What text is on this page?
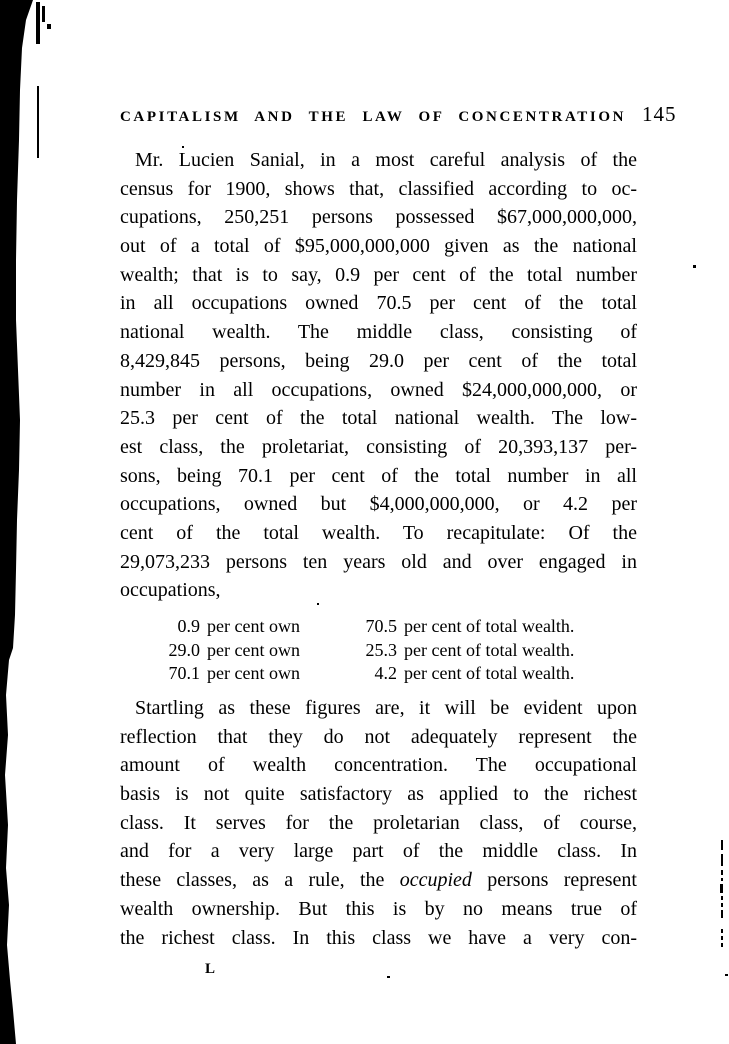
CAPITALISM AND THE LAW OF CONCENTRATION 145
Mr. Lucien Sanial, in a most careful analysis of the
census for 1900, shows that, classified according to oc-
cupations, 250,251 persons possessed $67,000,000,000,
out of a total of $95,000,000,000 given as the national
wealth; that is to say, 0.9 per cent of the total number
in all occupations owned 70.5 per cent of the total
national wealth. The middle class, consisting of
8,429,845 persons, being 29.0 per cent of the total
number in all occupations, owned $24,000,000,000, or
25.3 per cent of the total national wealth. The low-
est class, the proletariat, consisting of 20,393,137 per-
sons, being 70.1 per cent of the total number in all
occupations, owned but $4,000,000,000, or 4.2 per
cent of the total wealth. To recapitulate: Of the
29,073,233 persons ten years old and over engaged in
occupations,
0.9 per cent own	70.5 per cent of total wealth.
29.0 per cent own	25.3 per cent of total wealth.
70.1 per cent own	4.2 per cent of total wealth.
Startling as these figures are, it will be evident upon
reflection that they do not adequately represent the
amount of wealth concentration. The occupational
basis is not quite satisfactory as applied to the richest
class. It serves for the proletarian class, of course,
and for a very large part of the middle class. In
these classes, as a rule, the occupied persons represent
wealth ownership. But this is by no means true of
the richest class. In this class we have a very con-
L
